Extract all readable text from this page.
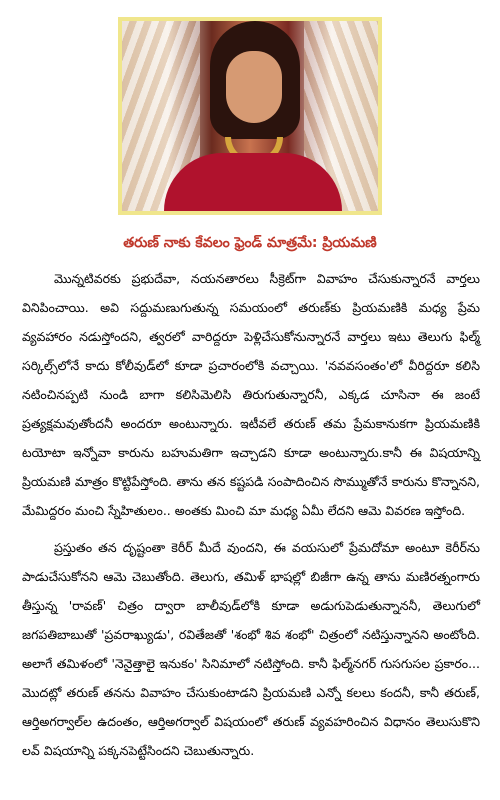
తరుణ్ నాకు కేవలం ఫ్రెండ్ మాత్రమే: ప్రియమణి

మొన్నటివరకు ప్రభుదేవా, నయనతారలు సీక్రెట్‌గా వివాహం చేసుకున్నారనే వార్తలు వినిపించాయి. అవి సద్దుమణుగుతున్న సమయంలో తరుణ్‌కు ప్రియమణికి మధ్య ప్రేమ వ్యవహారం నడుస్తోందని, త్వరలో వారిద్దరూ పెళ్లిచేసుకోనున్నారనే వార్తలు ఇటు తెలుగు ఫిల్మ్ సర్కిల్స్‌లోనే కాదు కోలీవుడ్‌లో కూడా ప్రచారంలోకి వచ్చాయి. 'నవవసంతం'లో వీరిద్దరూ కలిసి నటించినప్పటి నుండి బాగా కలిసిమెలిసి తిరుగుతున్నారనీ, ఎక్కడ చూసినా ఈ జంటే ప్రత్యక్షమవుతోందనీ అందరూ అంటున్నారు. ఇటీవలే తరుణ్ తమ ప్రేమకానుకగా ప్రియమణికి టయోటా ఇన్నోవా కారును బహుమతిగా ఇచ్చాడని కూడా అంటున్నారు.కానీ ఈ విషయాన్ని ప్రియమణి మాత్రం కొట్టిపేస్తోంది. తాను తన కష్టపడి సంపాదించిన సొమ్ముతోనే కారును కొన్నానని, మేమిద్దరం మంచి స్నేహితులం.. అంతకు మించి మా మధ్య ఏమీ లేదని ఆమె వివరణ ఇస్తోంది.

ప్రస్తుతం తన దృష్టంతా కెరీర్ మీదే వుందని, ఈ వయసులో ప్రేమదోమా అంటూ కెరీర్‌ను పాడుచేసుకోనని ఆమె చెబుతోంది. తెలుగు, తమిళ్ భాషల్లో బిజీగా ఉన్న తాను మణిరత్నంగారు తీస్తున్న 'రావణ్' చిత్రం ద్వారా బాలీవుడ్‌లోకి కూడా అడుగుపెడుతున్నాననీ, తెలుగులో జగపతిబాబుతో 'ప్రవరాఖ్యుడు', రవితేజతో 'శంభో శివ శంభో' చిత్రంలో నటిస్తున్నానని అంటోంది. అలాగే తమిళంలో 'నెనైత్తాలై ఇనుకం' సినిమాలో నటిస్తోంది. కానీ ఫిల్మ్‌నగర్ గుసగుసల ప్రకారం... మొదట్లో తరుణ్ తనను వివాహం చేసుకుంటాడని ప్రియమణి ఎన్నో కలలు కందనీ, కానీ తరుణ్, ఆర్తిఅగర్వాల్‌ల ఉదంతం, ఆర్తిఅగర్వాల్ విషయంలో తరుణ్ వ్యవహరించిన విధానం తెలుసుకొని లవ్ విషయాన్ని పక్కనపెట్టేసిందని చెబుతున్నారు.
